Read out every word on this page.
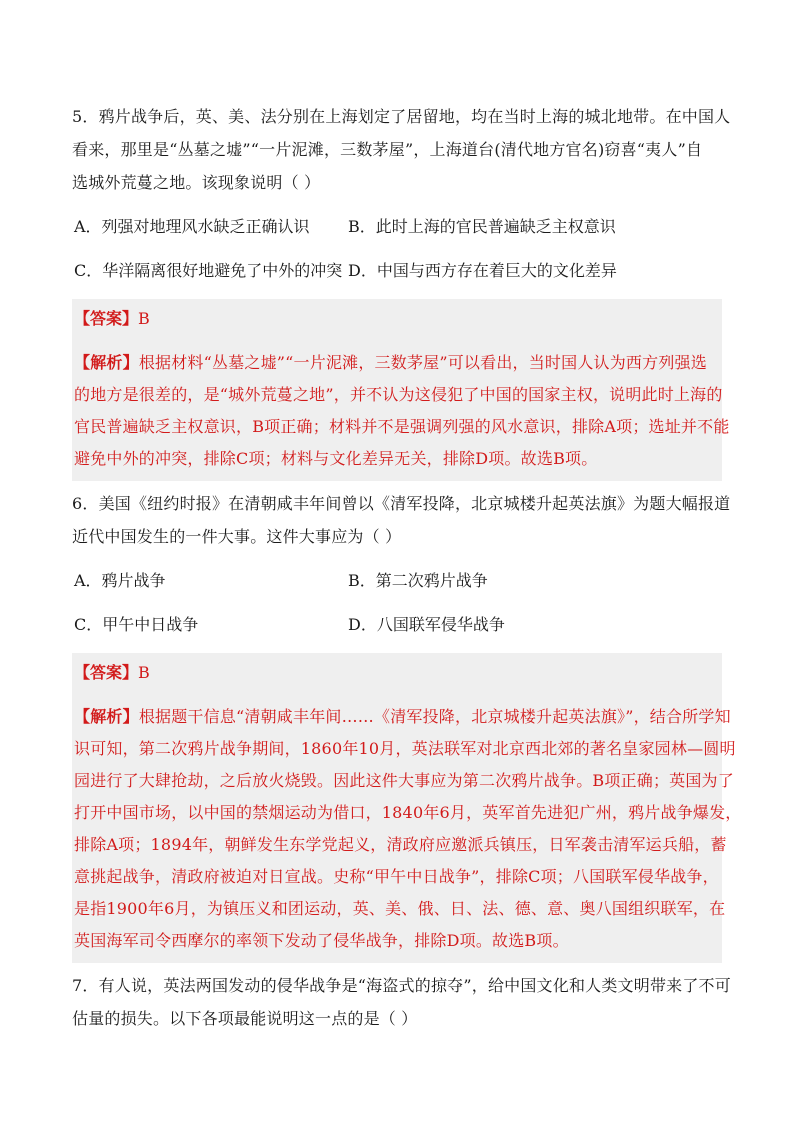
5．鸦片战争后，英、美、法分别在上海划定了居留地，均在当时上海的城北地带。在中国人
看来，那里是“丛墓之墟”“一片泥滩，三数茅屋”，上海道台(清代地方官名)窃喜“夷人”自
选城外荒蔓之地。该现象说明（ ）
A．列强对地理风水缺乏正确认识 B．此时上海的官民普遍缺乏主权意识
C．华洋隔离很好地避免了中外的冲突 D．中国与西方存在着巨大的文化差异
【答案】B
【解析】根据材料“丛墓之墟”“一片泥滩，三数茅屋”可以看出，当时国人认为西方列强选
的地方是很差的，是“城外荒蔓之地”，并不认为这侵犯了中国的国家主权，说明此时上海的
官民普遍缺乏主权意识，B项正确；材料并不是强调列强的风水意识，排除A项；选址并不能
避免中外的冲突，排除C项；材料与文化差异无关，排除D项。故选B项。
6．美国《纽约时报》在清朝咸丰年间曾以《清军投降，北京城楼升起英法旗》为题大幅报道
近代中国发生的一件大事。这件大事应为（ ）
A．鸦片战争	B．第二次鸦片战争
C．甲午中日战争	D．八国联军侵华战争
【答案】B
【解析】根据题干信息“清朝咸丰年间……《清军投降，北京城楼升起英法旗》”，结合所学知
识可知，第二次鸦片战争期间，1860年10月，英法联军对北京西北郊的著名皇家园林—圆明
园进行了大肆抢劫，之后放火烧毁。因此这件大事应为第二次鸦片战争。B项正确；英国为了
打开中国市场，以中国的禁烟运动为借口，1840年6月，英军首先进犯广州，鸦片战争爆发，
排除A项；1894年，朝鲜发生东学党起义，清政府应邀派兵镇压，日军袭击清军运兵船，蓄
意挑起战争，清政府被迫对日宣战。史称“甲午中日战争”，排除C项；八国联军侵华战争，
是指1900年6月，为镇压义和团运动，英、美、俄、日、法、德、意、奥八国组织联军，在
英国海军司令西摩尔的率领下发动了侵华战争，排除D项。故选B项。
7．有人说，英法两国发动的侵华战争是“海盗式的掠夺”，给中国文化和人类文明带来了不可
估量的损失。以下各项最能说明这一点的是（ ）
